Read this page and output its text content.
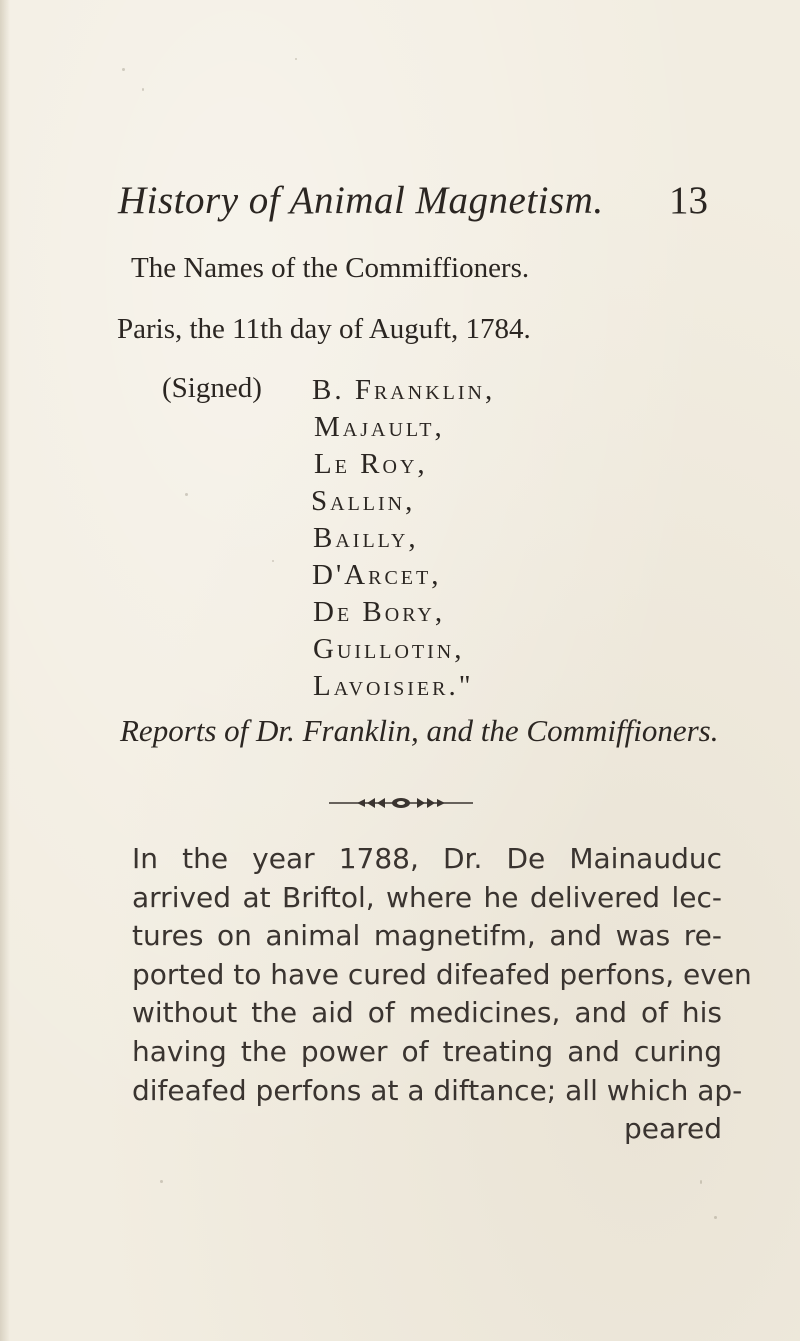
History of Animal Magnetism. 13
The Names of the Commiffioners.
Paris, the 11th day of Auguft, 1784.
(Signed) B. Franklin,
Majault,
Le Roy,
Sallin,
Bailly,
D'Arcet,
De Bory,
Guillotin,
Lavoisier."
Reports of Dr. Franklin, and the Commiffioners.
In the year 1788, Dr. De Mainauduc
arrived at Briftol, where he delivered lec-
tures on animal magnetifm, and was re-
ported to have cured difeafed perfons, even
without the aid of medicines, and of his
having the power of treating and curing
difeafed perfons at a diftance; all which ap-
peared
